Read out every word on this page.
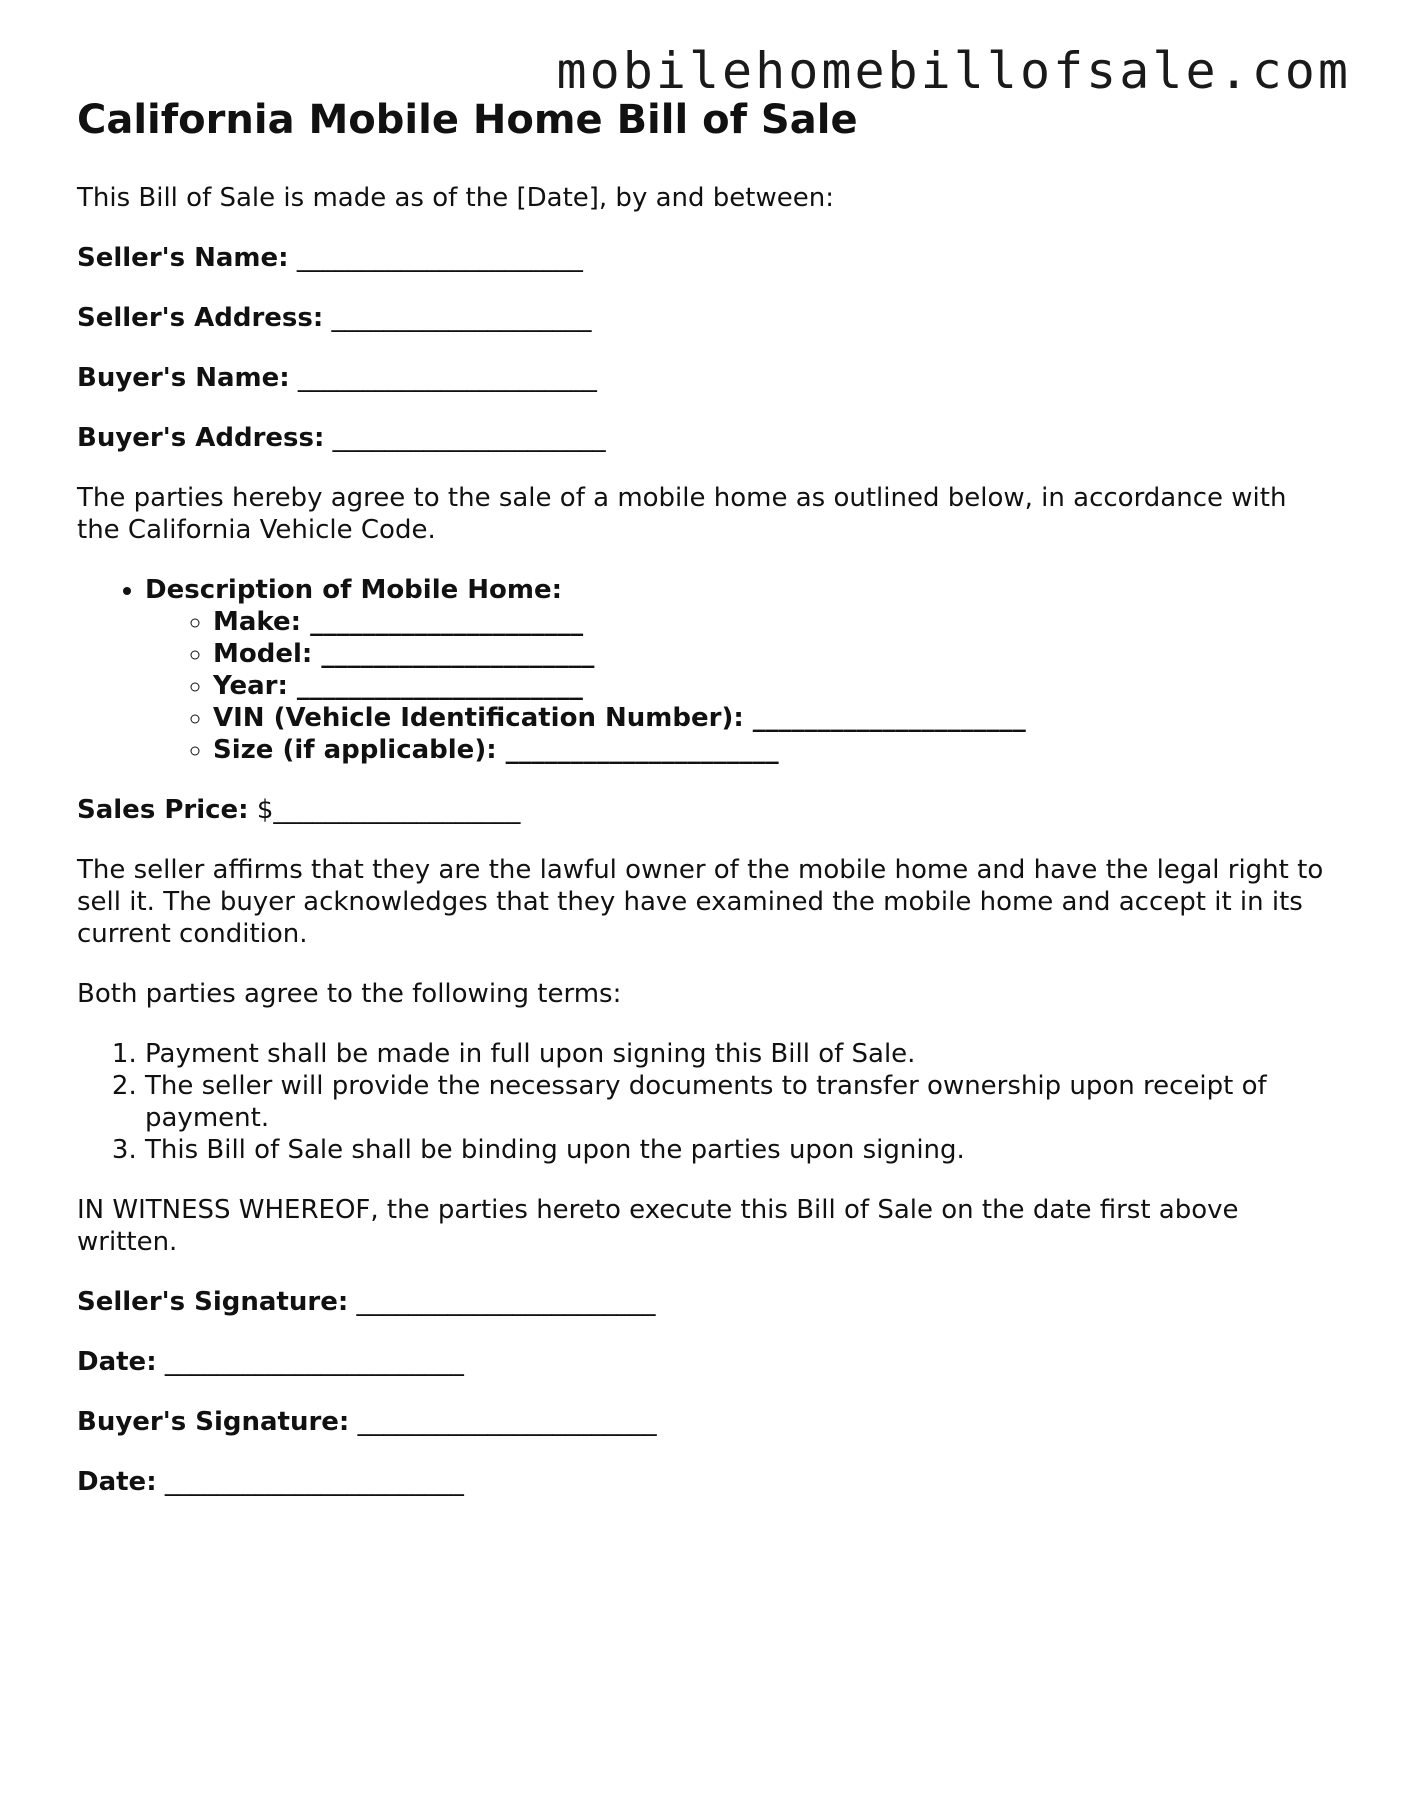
mobilehomebillofsale.com
California Mobile Home Bill of Sale

This Bill of Sale is made as of the [Date], by and between:

Seller's Name: ______________________

Seller's Address: ____________________

Buyer's Name: _______________________

Buyer's Address: _____________________

The parties hereby agree to the sale of a mobile home as outlined below, in accordance with the California Vehicle Code.

• Description of Mobile Home:
◦ Make: _____________________
◦ Model: _____________________
◦ Year: ______________________
◦ VIN (Vehicle Identification Number): _____________________
◦ Size (if applicable): _____________________

Sales Price: $___________________

The seller affirms that they are the lawful owner of the mobile home and have the legal right to sell it. The buyer acknowledges that they have examined the mobile home and accept it in its current condition.

Both parties agree to the following terms:

1. Payment shall be made in full upon signing this Bill of Sale.
2. The seller will provide the necessary documents to transfer ownership upon receipt of payment.
3. This Bill of Sale shall be binding upon the parties upon signing.

IN WITNESS WHEREOF, the parties hereto execute this Bill of Sale on the date first above written.

Seller's Signature: _______________________

Date: _______________________

Buyer's Signature: _______________________

Date: _______________________
